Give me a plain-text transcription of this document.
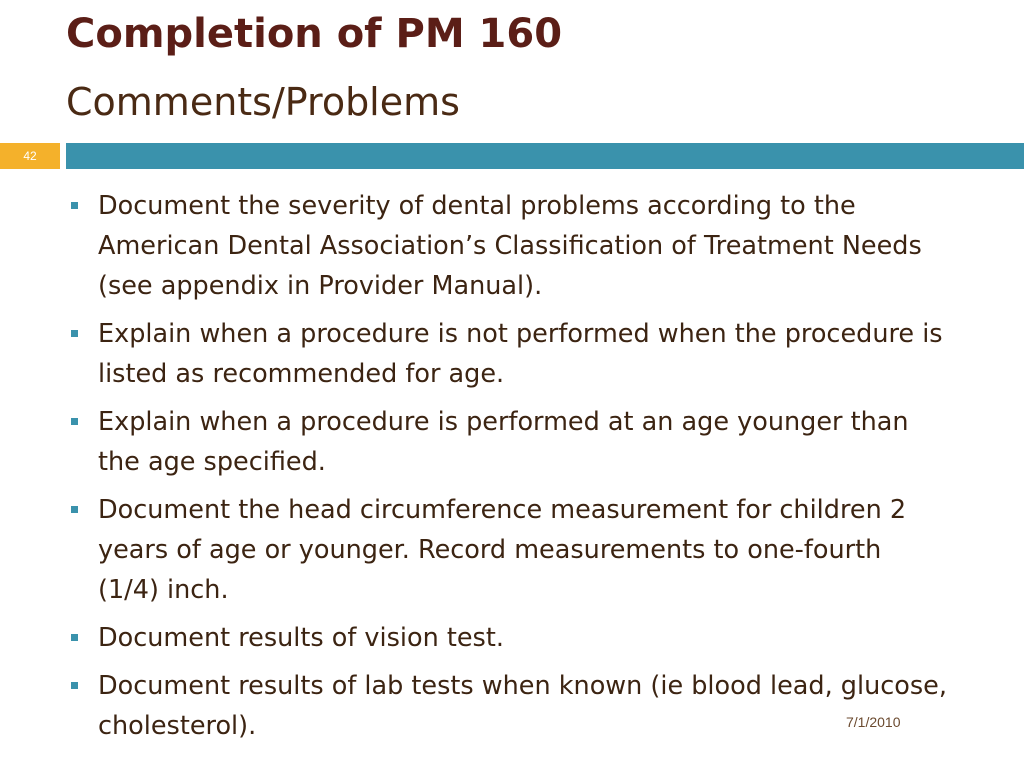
Completion of PM 160
Comments/Problems
42
Document the severity of dental problems according to the American Dental Association’s Classification of Treatment Needs (see appendix in Provider Manual).
Explain when a procedure is not performed when the procedure is listed as recommended for age.
Explain when a procedure is performed at an age younger than the age specified.
Document the head circumference measurement for children 2 years of age or younger. Record measurements to one-fourth (1/4) inch.
Document results of vision test.
Document results of lab tests when known (ie blood lead, glucose, cholesterol).	7/1/2010
